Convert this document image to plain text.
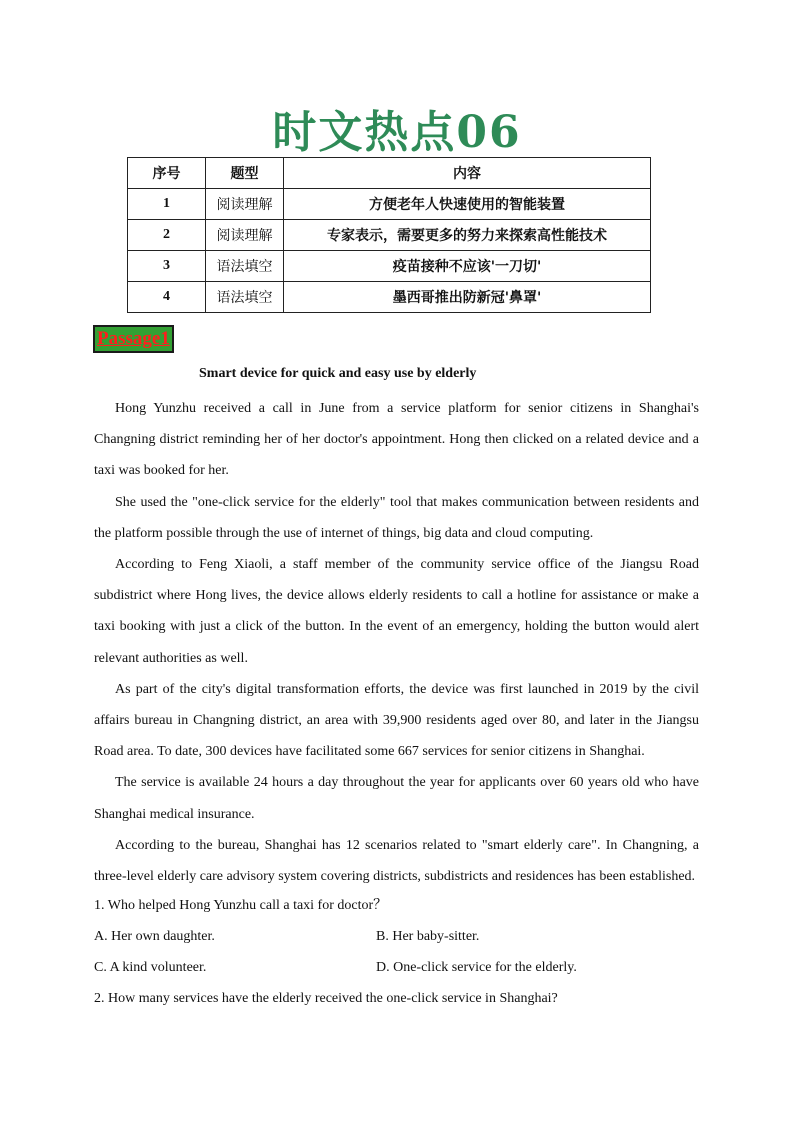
时文热点06
序号	题型	内容
1	阅读理解	方便老年人快速使用的智能装置
2	阅读理解	专家表示，需要更多的努力来探索高性能技术
3	语法填空	疫苗接种不应该'一刀切'
4	语法填空	墨西哥推出防新冠'鼻罩'
Passage1
Smart device for quick and easy use by elderly

Hong Yunzhu received a call in June from a service platform for senior citizens in Shanghai's Changning district reminding her of her doctor's appointment. Hong then clicked on a related device and a taxi was booked for her.

She used the "one-click service for the elderly" tool that makes communication between residents and the platform possible through the use of internet of things, big data and cloud computing.

According to Feng Xiaoli, a staff member of the community service office of the Jiangsu Road subdistrict where Hong lives, the device allows elderly residents to call a hotline for assistance or make a taxi booking with just a click of the button. In the event of an emergency, holding the button would alert relevant authorities as well.

As part of the city's digital transformation efforts, the device was first launched in 2019 by the civil affairs bureau in Changning district, an area with 39,900 residents aged over 80, and later in the Jiangsu Road area. To date, 300 devices have facilitated some 667 services for senior citizens in Shanghai.

The service is available 24 hours a day throughout the year for applicants over 60 years old who have Shanghai medical insurance.

According to the bureau, Shanghai has 12 scenarios related to "smart elderly care". In Changning, a three-level elderly care advisory system covering districts, subdistricts and residences has been established.

1. Who helped Hong Yunzhu call a taxi for doctor？
A. Her own daughter.	B. Her baby-sitter.
C. A kind volunteer.	D. One-click service for the elderly.
2. How many services have the elderly received the one-click service in Shanghai?
